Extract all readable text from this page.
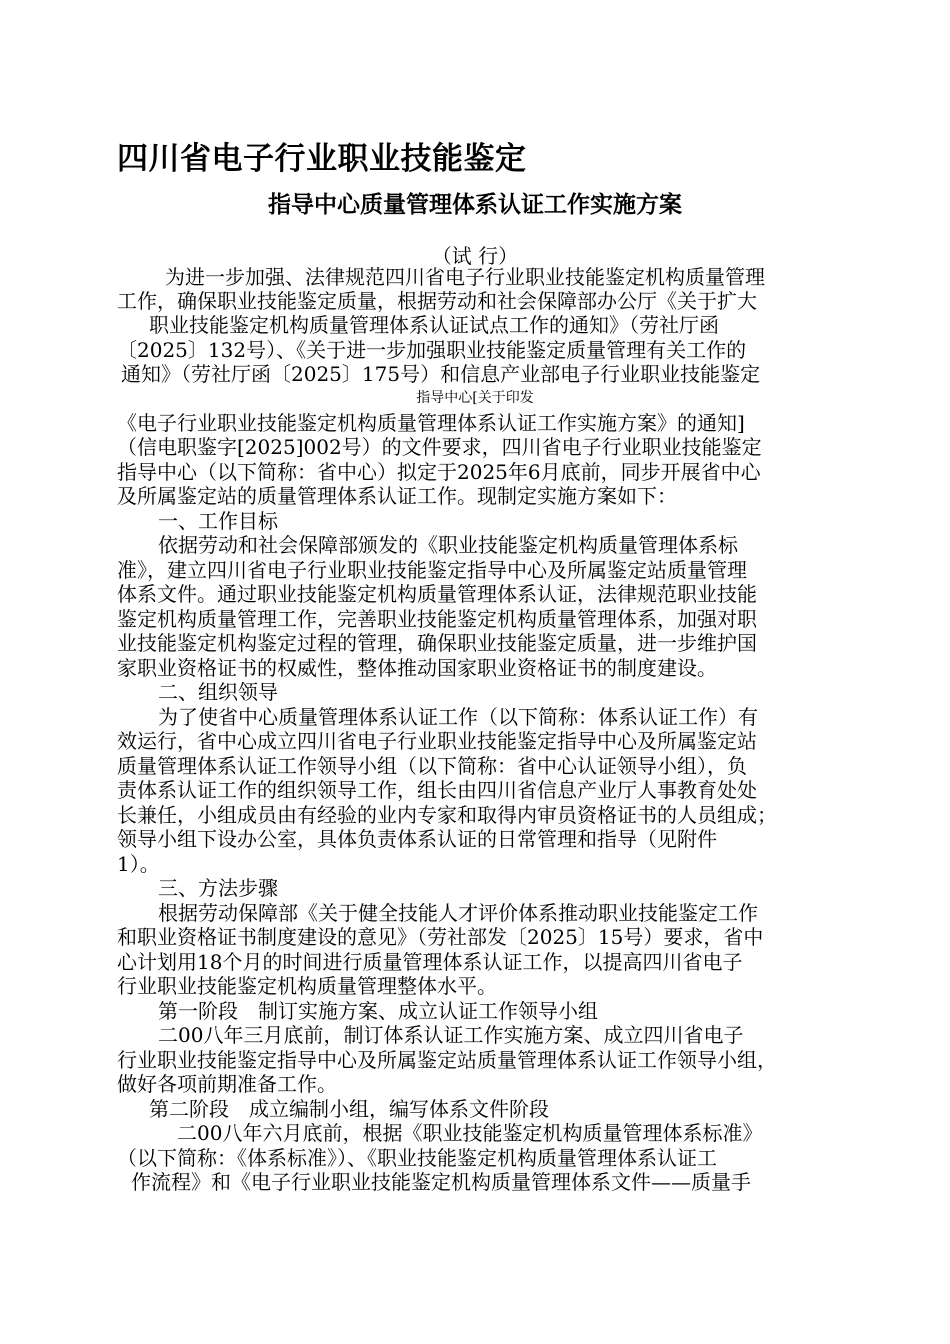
四川省电子行业职业技能鉴定
指导中心质量管理体系认证工作实施方案
（试 行）
为进一步加强、法律规范四川省电子行业职业技能鉴定机构质量管理
工作，确保职业技能鉴定质量，根据劳动和社会保障部办公厅《关于扩大
职业技能鉴定机构质量管理体系认证试点工作的通知》（劳社厅函
〔2025〕132号）、《关于进一步加强职业技能鉴定质量管理有关工作的
通知》（劳社厅函〔2025〕175号）和信息产业部电子行业职业技能鉴定
指导中心[关于印发
《电子行业职业技能鉴定机构质量管理体系认证工作实施方案》的通知]
（信电职鉴字[2025]002号）的文件要求，四川省电子行业职业技能鉴定
指导中心（以下简称：省中心）拟定于2025年6月底前，同步开展省中心
及所属鉴定站的质量管理体系认证工作。现制定实施方案如下：
一、工作目标
依据劳动和社会保障部颁发的《职业技能鉴定机构质量管理体系标
准》，建立四川省电子行业职业技能鉴定指导中心及所属鉴定站质量管理
体系文件。通过职业技能鉴定机构质量管理体系认证，法律规范职业技能
鉴定机构质量管理工作，完善职业技能鉴定机构质量管理体系，加强对职
业技能鉴定机构鉴定过程的管理，确保职业技能鉴定质量，进一步维护国
家职业资格证书的权威性，整体推动国家职业资格证书的制度建设。
二、组织领导
为了使省中心质量管理体系认证工作（以下简称：体系认证工作）有
效运行，省中心成立四川省电子行业职业技能鉴定指导中心及所属鉴定站
质量管理体系认证工作领导小组（以下简称：省中心认证领导小组），负
责体系认证工作的组织领导工作，组长由四川省信息产业厅人事教育处处
长兼任，小组成员由有经验的业内专家和取得内审员资格证书的人员组成；
领导小组下设办公室，具体负责体系认证的日常管理和指导（见附件
1）。
三、方法步骤
根据劳动保障部《关于健全技能人才评价体系推动职业技能鉴定工作
和职业资格证书制度建设的意见》（劳社部发〔2025〕15号）要求，省中
心计划用18个月的时间进行质量管理体系认证工作，以提高四川省电子
行业职业技能鉴定机构质量管理整体水平。
第一阶段　制订实施方案、成立认证工作领导小组
二00八年三月底前，制订体系认证工作实施方案、成立四川省电子
行业职业技能鉴定指导中心及所属鉴定站质量管理体系认证工作领导小组，
做好各项前期准备工作。
第二阶段　成立编制小组，编写体系文件阶段
二00八年六月底前，根据《职业技能鉴定机构质量管理体系标准》
（以下简称：《体系标准》）、《职业技能鉴定机构质量管理体系认证工
作流程》和《电子行业职业技能鉴定机构质量管理体系文件——质量手
